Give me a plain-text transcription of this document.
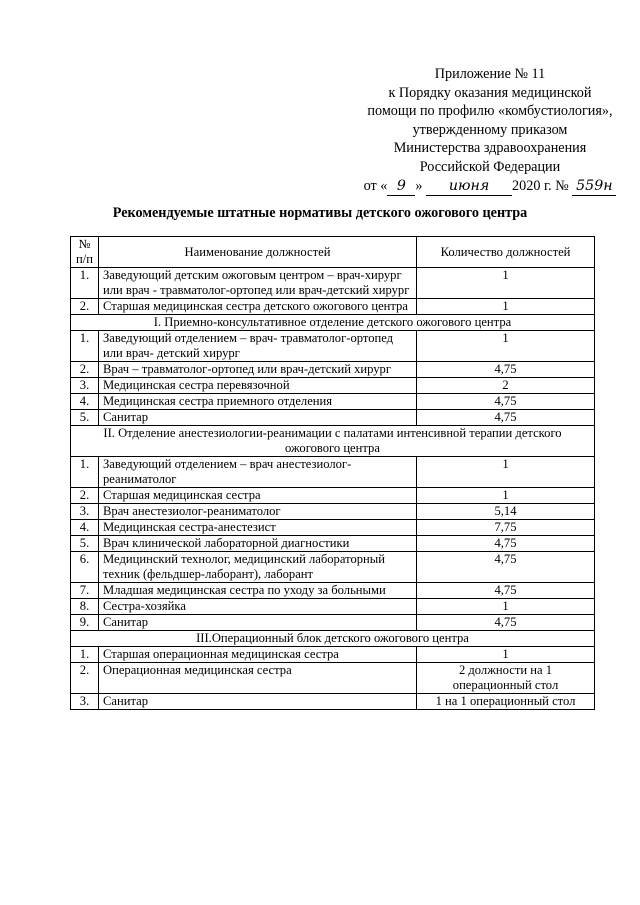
Приложение № 11
к Порядку оказания медицинской
помощи по профилю «комбустиология»,
утвержденному приказом
Министерства здравоохранения
Российской Федерации
от « 9 » июня 2020 г. № 559н
Рекомендуемые штатные нормативы детского ожогового центра
№ п/п	Наименование должностей	Количество должностей
1.	Заведующий детским ожоговым центром – врач-хирург или врач - травматолог-ортопед или врач-детский хирург	1
2.	Старшая медицинская сестра детского ожогового центра	1
I. Приемно-консультативное отделение детского ожогового центра		
1.	Заведующий отделением – врач- травматолог-ортопед или врач- детский хирург	1
2.	Врач – травматолог-ортопед или врач-детский хирург	4,75
3.	Медицинская сестра перевязочной	2
4.	Медицинская сестра приемного отделения	4,75
5.	Санитар	4,75
II. Отделение анестезиологии-реанимации с палатами интенсивной терапии детского ожогового центра		
1.	Заведующий отделением – врач анестезиолог-реаниматолог	1
2.	Старшая медицинская сестра	1
3.	Врач анестезиолог-реаниматолог	5,14
4.	Медицинская сестра-анестезист	7,75
5.	Врач клинической лабораторной диагностики	4,75
6.	Медицинский технолог, медицинский лабораторный техник (фельдшер-лаборант), лаборант	4,75
7.	Младшая медицинская сестра по уходу за больными	4,75
8.	Сестра-хозяйка	1
9.	Санитар	4,75
III.Операционный блок детского ожогового центра		
1.	Старшая операционная медицинская сестра	1
2.	Операционная медицинская сестра	2 должности на 1 операционный стол
3.	Санитар	1 на 1 операционный стол
